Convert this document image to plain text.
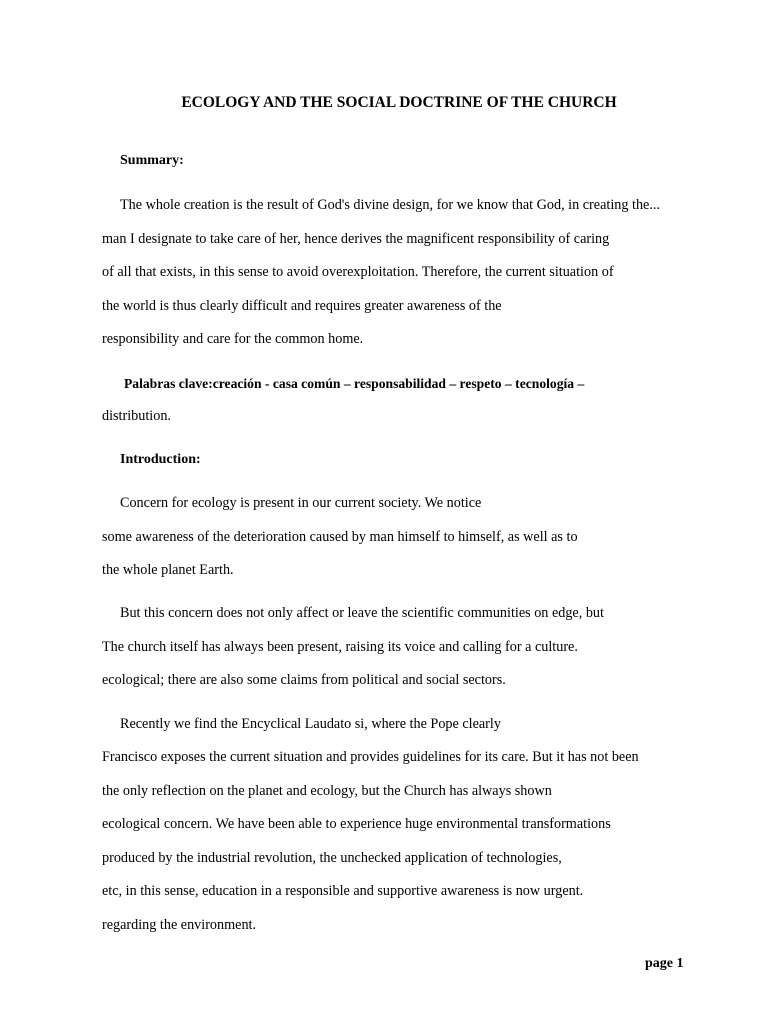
ECOLOGY AND THE SOCIAL DOCTRINE OF THE CHURCH
Summary:
The whole creation is the result of God's divine design, for we know that God, in creating the...
man I designate to take care of her, hence derives the magnificent responsibility of caring
of all that exists, in this sense to avoid overexploitation. Therefore, the current situation of
the world is thus clearly difficult and requires greater awareness of the
responsibility and care for the common home.
Palabras clave:creación - casa común – responsabilidad – respeto – tecnología –
distribution.
Introduction:
Concern for ecology is present in our current society. We notice
some awareness of the deterioration caused by man himself to himself, as well as to
the whole planet Earth.
But this concern does not only affect or leave the scientific communities on edge, but
The church itself has always been present, raising its voice and calling for a culture.
ecological; there are also some claims from political and social sectors.
Recently we find the Encyclical Laudato si, where the Pope clearly
Francisco exposes the current situation and provides guidelines for its care. But it has not been
the only reflection on the planet and ecology, but the Church has always shown
ecological concern. We have been able to experience huge environmental transformations
produced by the industrial revolution, the unchecked application of technologies,
etc, in this sense, education in a responsible and supportive awareness is now urgent.
regarding the environment.
page 1
